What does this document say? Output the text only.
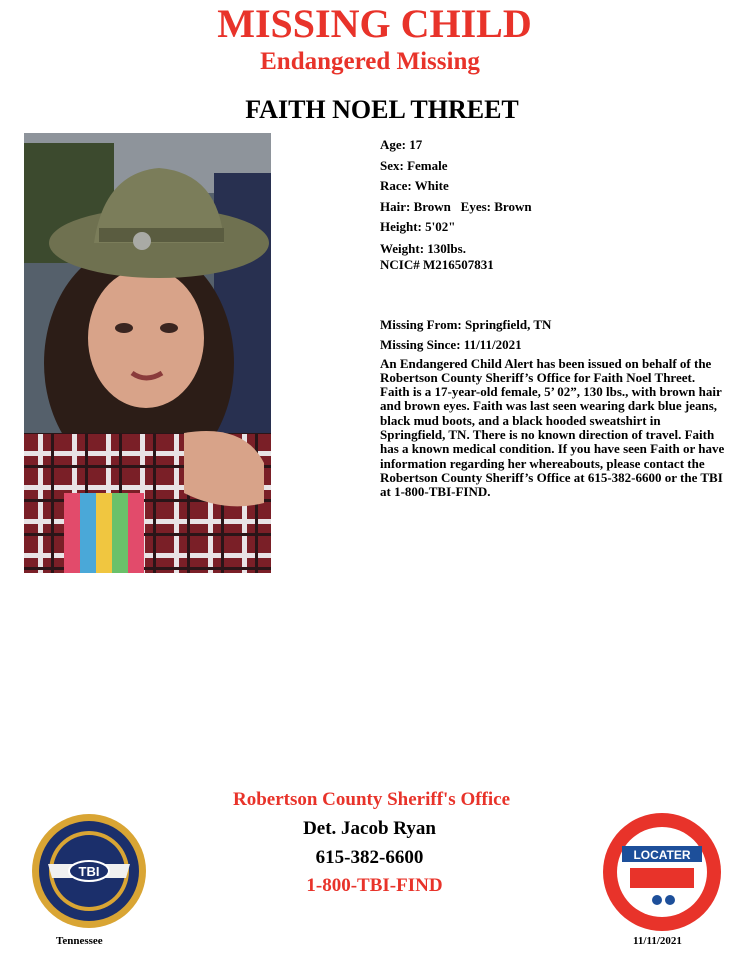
MISSING CHILD
Endangered Missing
FAITH NOEL THREET
Age: 17
Sex: Female
Race: White
Hair: Brown Eyes: Brown
Height: 5'02"
Weight: 130lbs.
NCIC# M216507831
Missing From: Springfield, TN
Missing Since: 11/11/2021
An Endangered Child Alert has been issued on behalf of the Robertson County Sheriff’s Office for Faith Noel Threet. Faith is a 17-year-old female, 5’ 02”, 130 lbs., with brown hair and brown eyes. Faith was last seen wearing dark blue jeans, black mud boots, and a black hooded sweatshirt in Springfield, TN. There is no known direction of travel. Faith has a known medical condition. If you have seen Faith or have information regarding her whereabouts, please contact the Robertson County Sheriff’s Office at 615-382-6600 or the TBI at 1-800-TBI-FIND.
Robertson County Sheriff's Office
Det. Jacob Ryan
615-382-6600
1-800-TBI-FIND
TBI
LOCATER
Tennessee	11/11/2021
